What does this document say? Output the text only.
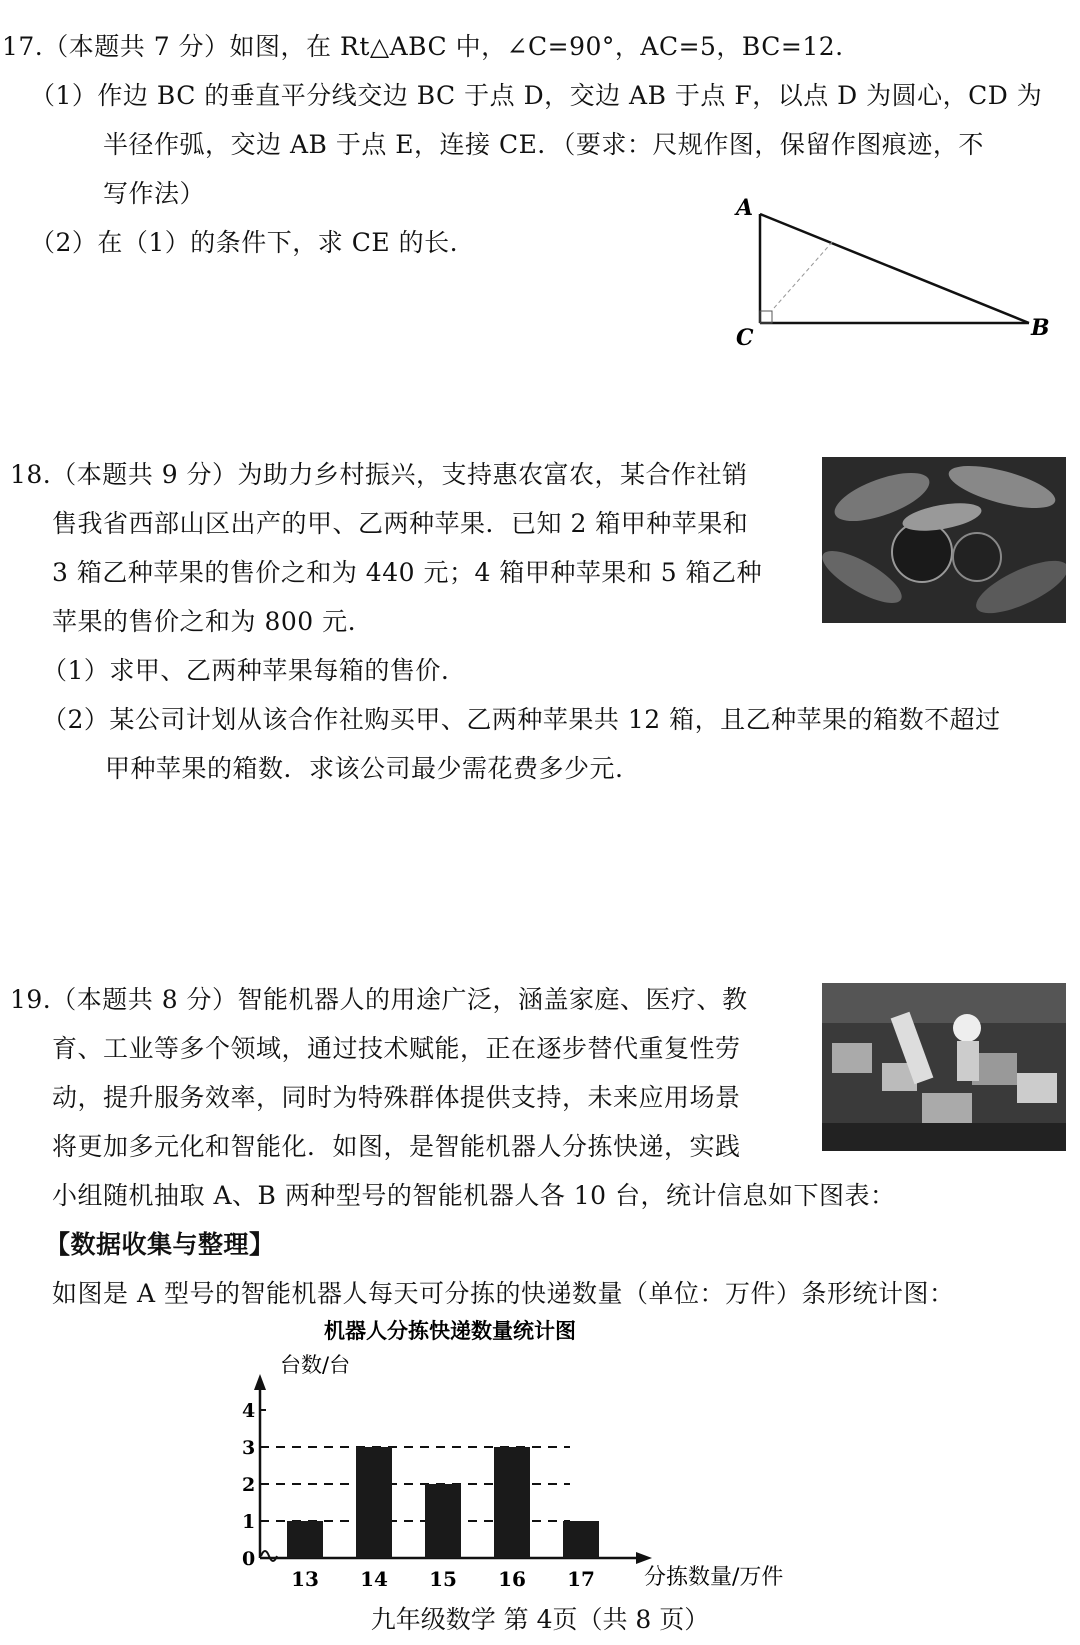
17.（本题共 7 分）如图，在 Rt△ABC 中，∠C=90°，AC=5，BC=12.
（1）作边 BC 的垂直平分线交边 BC 于点 D，交边 AB 于点 F，以点 D 为圆心，CD 为
半径作弧，交边 AB 于点 E，连接 CE．（要求：尺规作图，保留作图痕迹，不
写作法）
（2）在（1）的条件下，求 CE 的长.
A
B
C
18.（本题共 9 分）为助力乡村振兴，支持惠农富农，某合作社销
售我省西部山区出产的甲、乙两种苹果．已知 2 箱甲种苹果和
3 箱乙种苹果的售价之和为 440 元；4 箱甲种苹果和 5 箱乙种
苹果的售价之和为 800 元.
（1）求甲、乙两种苹果每箱的售价.
（2）某公司计划从该合作社购买甲、乙两种苹果共 12 箱，且乙种苹果的箱数不超过
甲种苹果的箱数．求该公司最少需花费多少元.
19.（本题共 8 分）智能机器人的用途广泛，涵盖家庭、医疗、教
育、工业等多个领域，通过技术赋能，正在逐步替代重复性劳
动，提升服务效率，同时为特殊群体提供支持，未来应用场景
将更加多元化和智能化．如图，是智能机器人分拣快递，实践
小组随机抽取 A、B 两种型号的智能机器人各 10 台，统计信息如下图表：
【数据收集与整理】
如图是 A 型号的智能机器人每天可分拣的快递数量（单位：万件）条形统计图：
机器人分拣快递数量统计图
0
1
2
3
4
13 14 15 16 17
台数/台
分拣数量/万件
九年级数学 第 4页（共 8 页）
